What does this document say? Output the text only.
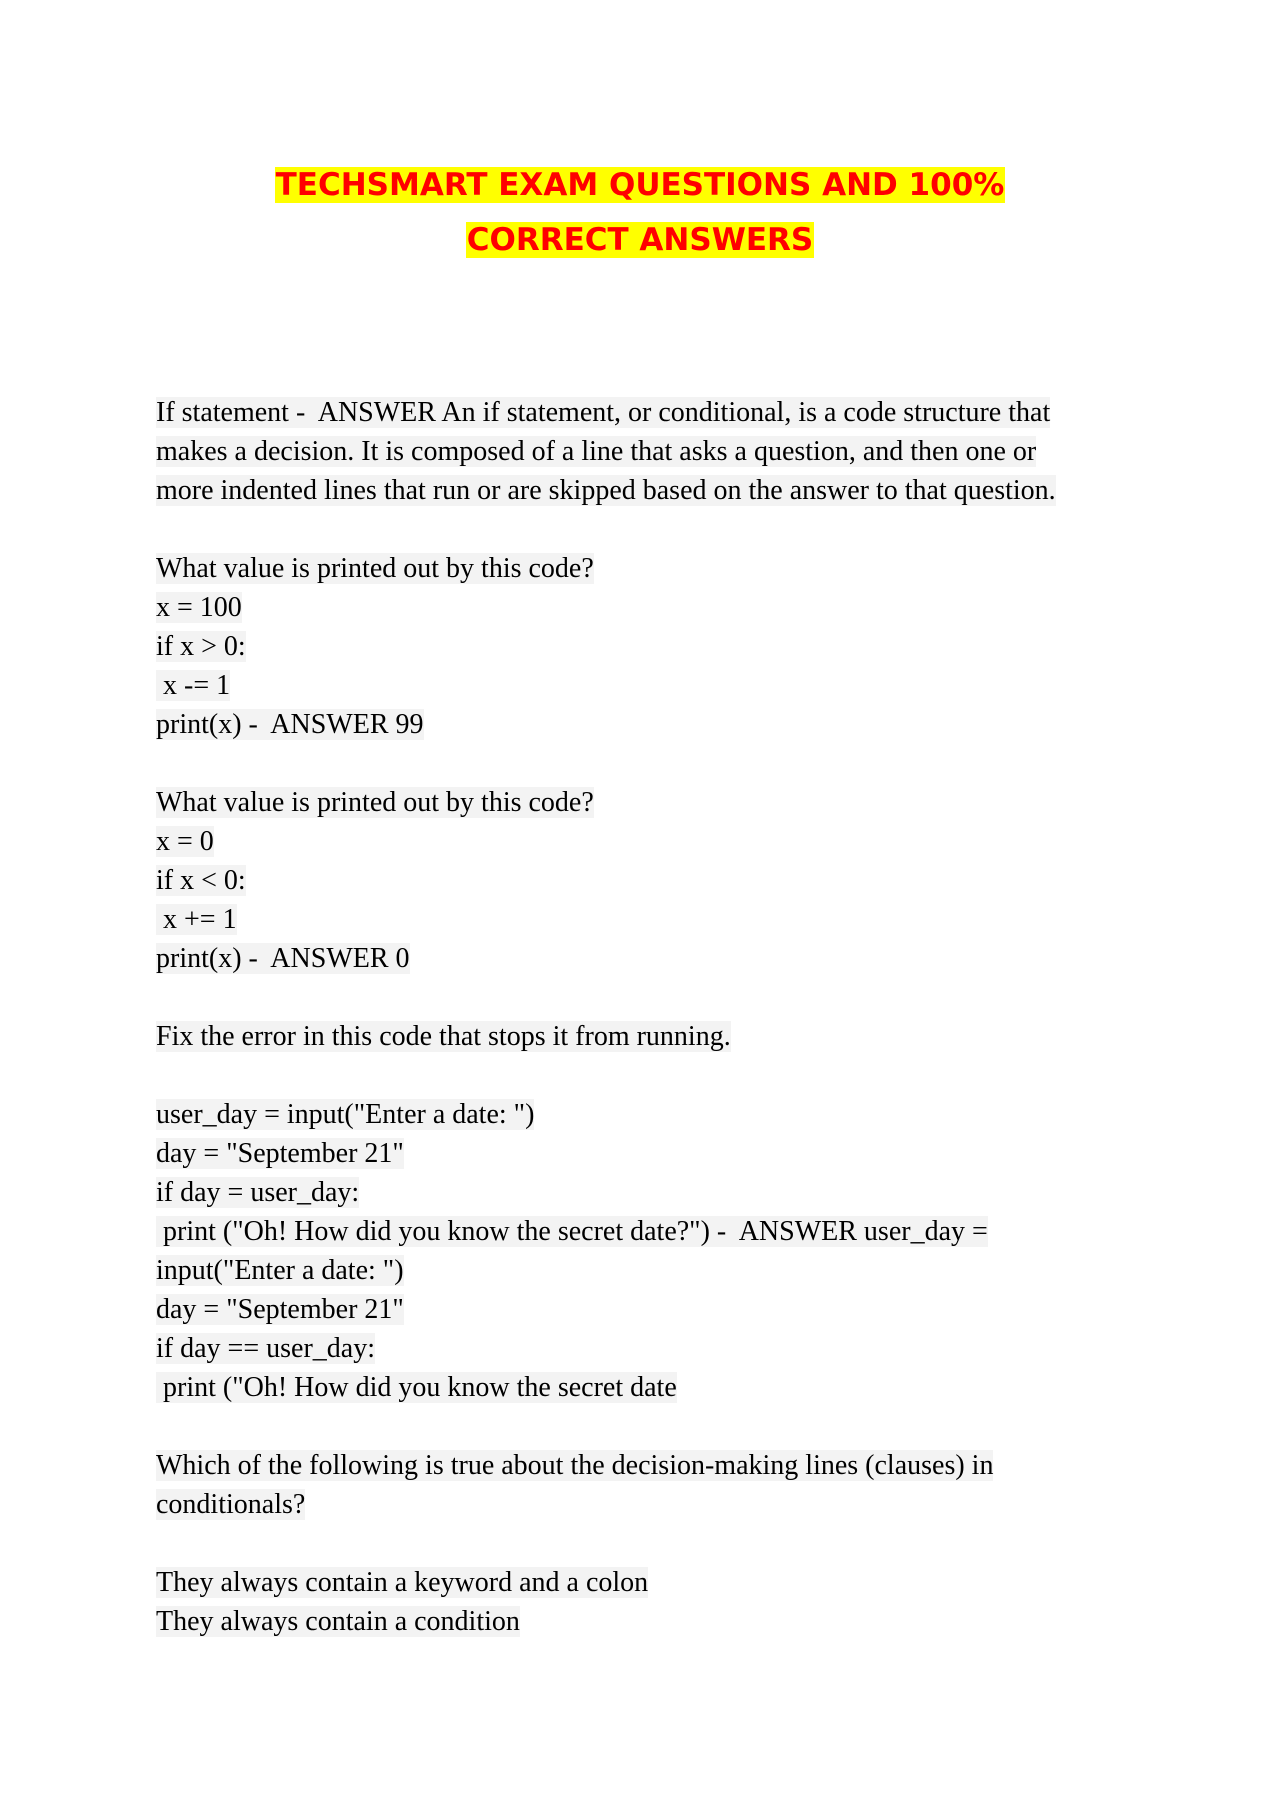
TECHSMART EXAM QUESTIONS AND 100%
CORRECT ANSWERS
If statement -  ANSWER An if statement, or conditional, is a code structure that
makes a decision. It is composed of a line that asks a question, and then one or
more indented lines that run or are skipped based on the answer to that question.
What value is printed out by this code?
x = 100
if x > 0:
x -= 1
print(x) -  ANSWER 99
What value is printed out by this code?
x = 0
if x < 0:
x += 1
print(x) -  ANSWER 0
Fix the error in this code that stops it from running.
user_day = input("Enter a date: ")
day = "September 21"
if day = user_day:
print ("Oh! How did you know the secret date?") -  ANSWER user_day =
input("Enter a date: ")
day = "September 21"
if day == user_day:
print ("Oh! How did you know the secret date
Which of the following is true about the decision-making lines (clauses) in
conditionals?
They always contain a keyword and a colon
They always contain a condition
